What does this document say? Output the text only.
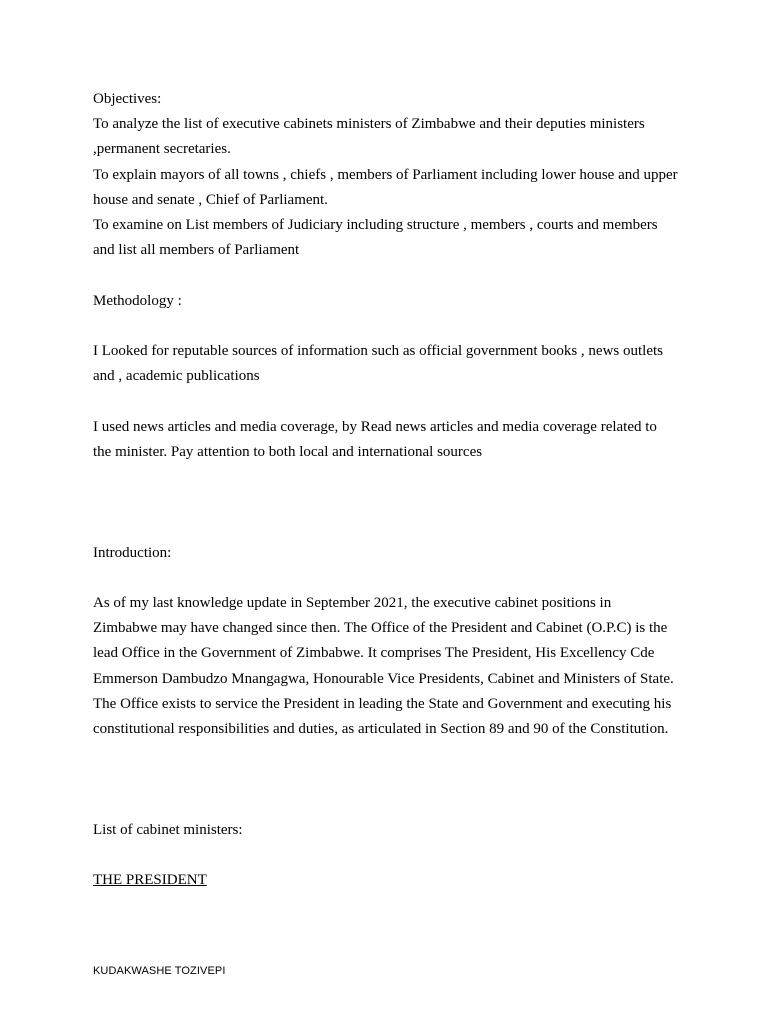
Objectives:

To analyze the list of executive cabinets ministers of Zimbabwe and their deputies ministers ,permanent secretaries.

To explain mayors of all towns , chiefs , members of Parliament including lower house and upper house and senate , Chief of Parliament.

To examine on List members of Judiciary including structure , members , courts and members and list all members of Parliament

Methodology :

I Looked for reputable sources of information such as official government books , news outlets and , academic publications

I used news articles and media coverage, by Read news articles and media coverage related to the minister. Pay attention to both local and international sources

Introduction:

As of my last knowledge update in September 2021, the executive cabinet positions in Zimbabwe may have changed since then. The Office of the President and Cabinet (O.P.C) is the lead Office in the Government of Zimbabwe. It comprises The President, His Excellency Cde Emmerson Dambudzo Mnangagwa, Honourable Vice Presidents, Cabinet and Ministers of State. The Office exists to service the President in leading the State and Government and executing his constitutional responsibilities and duties, as articulated in Section 89 and 90 of the Constitution.

List of cabinet ministers:

THE PRESIDENT

KUDAKWASHE TOZIVEPI
